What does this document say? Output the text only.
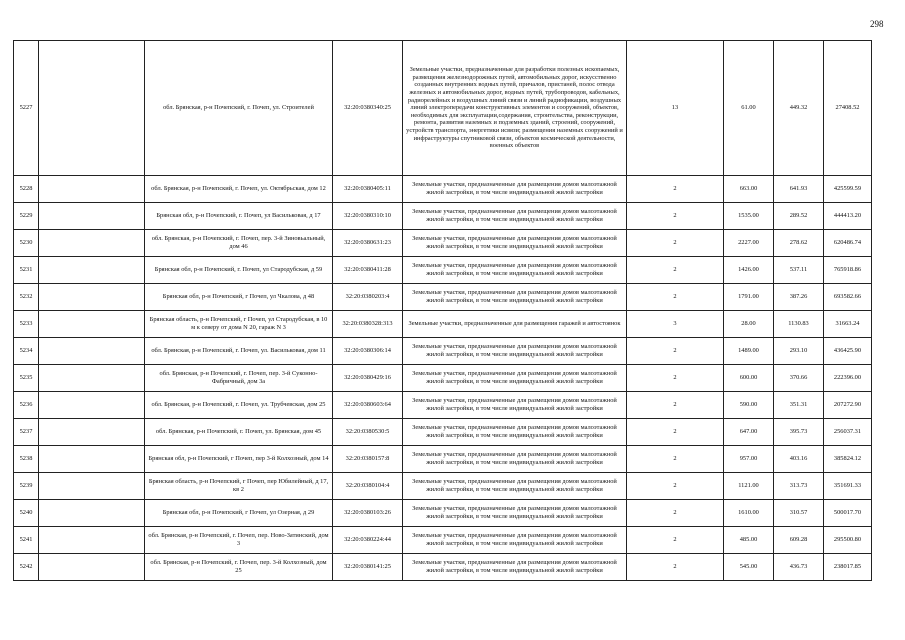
298
5227		обл. Брянская, р-н Почепский, г. Почеп, ул. Строителей	32:20:0380340:25	Земельные участки, предназначенные для разработки полезных ископаемых, размещения железнодорожных путей, автомобильных дорог, искусственно созданных внутренних водных путей, причалов, пристаней, полос отвода железных и автомобильных дорог, водных путей, трубопроводов, кабельных, радиорелейных и воздушных линий связи и линий радиофикации, воздушных линий электропередачи конструктивных элементов и сооружений, объектов, необходимых для эксплуатации,содержания, строительства, реконструкции, ремонта, развития наземных и подземных зданий, строений, сооружений, устройств транспорта, энергетики исвязи; размещения наземных сооружений и инфраструктуры спутниковой связи, объектов космической деятельности, военных объектов	13	61.00	449.32	27408.52
5228		обл. Брянская, р-н Почепский, г. Почеп, ул. Октябрьская, дом 12	32:20:0380405:11	Земельные участки, предназначенные для размещения домов малоэтажной жилой застройки, в том числе индивидуальной жилой застройки	2	663.00	641.93	425599.59
5229		Брянская обл, р-н Почепский, г. Почеп, ул Васильковая, д 17	32:20:0380310:10	Земельные участки, предназначенные для размещения домов малоэтажной жилой застройки, в том числе индивидуальной жилой застройки	2	1535.00	289.52	444413.20
5230		обл. Брянская, р-н Почепский, г. Почеп, пер. 3-й Зиновьальный, дом 46	32:20:0380631:23	Земельные участки, предназначенные для размещения домов малоэтажной жилой застройки, в том числе индивидуальной жилой застройки	2	2227.00	278.62	620486.74
5231		Брянская обл, р-н Почепский, г. Почеп, ул Стародубская, д 59	32:20:0380411:28	Земельные участки, предназначенные для размещения домов малоэтажной жилой застройки, в том числе индивидуальной жилой застройки	2	1426.00	537.11	765918.86
5232		Брянская обл, р-н Почепский, г Почеп, ул Чкалова, д 48	32:20:0380203:4	Земельные участки, предназначенные для размещения домов малоэтажной жилой застройки, в том числе индивидуальной жилой застройки	2	1791.00	387.26	693582.66
5233		Брянская область, р-н Почепский, г Почеп, ул Стародубская, в 10 м к северу от дома N 20, гараж N 3	32:20:0380328:313	Земельные участки, предназначенные для размещения гаражей и автостоянок	3	28.00	1130.83	31663.24
5234		обл. Брянская, р-н Почепский, г. Почеп, ул. Васильковая, дом 11	32:20:0380306:14	Земельные участки, предназначенные для размещения домов малоэтажной жилой застройки, в том числе индивидуальной жилой застройки	2	1489.00	293.10	436425.90
5235		обл. Брянская, р-н Почепский, г. Почеп, пер. 3-й Суконно-Фабричный, дом 3а	32:20:0380429:16	Земельные участки, предназначенные для размещения домов малоэтажной жилой застройки, в том числе индивидуальной жилой застройки	2	600.00	370.66	222396.00
5236		обл. Брянская, р-н Почепский, г. Почеп, ул. Трубчевская, дом 25	32:20:0380603:64	Земельные участки, предназначенные для размещения домов малоэтажной жилой застройки, в том числе индивидуальной жилой застройки	2	590.00	351.31	207272.90
5237		обл. Брянская, р-н Почепский, г. Почеп, ул. Брянская, дом 45	32:20:0380530:5	Земельные участки, предназначенные для размещения домов малоэтажной жилой застройки, в том числе индивидуальной жилой застройки	2	647.00	395.73	256037.31
5238		Брянская обл, р-н Почепский, г Почеп, пер 3-й Колхозный, дом 14	32:20:0380157:8	Земельные участки, предназначенные для размещения домов малоэтажной жилой застройки, в том числе индивидуальной жилой застройки	2	957.00	403.16	385824.12
5239		Брянская область, р-н Почепский, г Почеп, пер Юбилейный, д 17, кв 2	32:20:0380104:4	Земельные участки, предназначенные для размещения домов малоэтажной жилой застройки, в том числе индивидуальной жилой застройки	2	1121.00	313.73	351691.33
5240		Брянская обл, р-н Почепский, г Почеп, ул Озерная, д 29	32:20:0380103:26	Земельные участки, предназначенные для размещения домов малоэтажной жилой застройки, в том числе индивидуальной жилой застройки	2	1610.00	310.57	500017.70
5241		обл. Брянская, р-н Почепский, г. Почеп, пер. Ново-Затинский, дом 3	32:20:0380224:44	Земельные участки, предназначенные для размещения домов малоэтажной жилой застройки, в том числе индивидуальной жилой застройки	2	485.00	609.28	295500.80
5242		обл. Брянская, р-н Почепский, г. Почеп, пер. 3-й Колхозный, дом 25	32:20:0380141:25	Земельные участки, предназначенные для размещения домов малоэтажной жилой застройки, в том числе индивидуальной жилой застройки	2	545.00	436.73	238017.85
